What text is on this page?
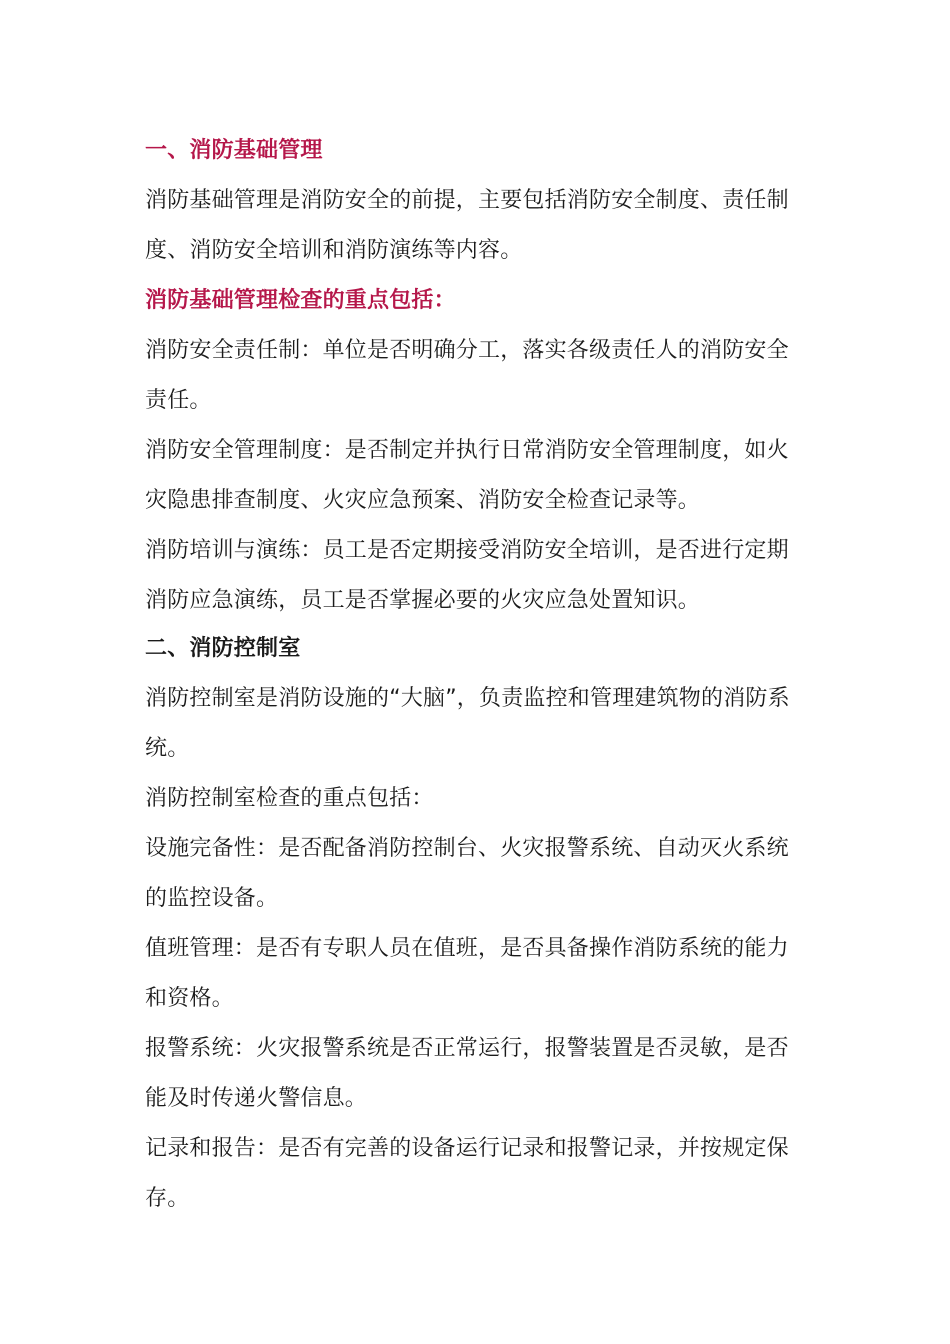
一、消防基础管理
消防基础管理是消防安全的前提，主要包括消防安全制度、责任制
度、消防安全培训和消防演练等内容。
消防基础管理检查的重点包括：
消防安全责任制：单位是否明确分工，落实各级责任人的消防安全
责任。
消防安全管理制度：是否制定并执行日常消防安全管理制度，如火
灾隐患排查制度、火灾应急预案、消防安全检查记录等。
消防培训与演练：员工是否定期接受消防安全培训，是否进行定期
消防应急演练，员工是否掌握必要的火灾应急处置知识。
二、消防控制室
消防控制室是消防设施的“大脑”，负责监控和管理建筑物的消防系
统。
消防控制室检查的重点包括：
设施完备性：是否配备消防控制台、火灾报警系统、自动灭火系统
的监控设备。
值班管理：是否有专职人员在值班，是否具备操作消防系统的能力
和资格。
报警系统：火灾报警系统是否正常运行，报警装置是否灵敏，是否
能及时传递火警信息。
记录和报告：是否有完善的设备运行记录和报警记录，并按规定保
存。
